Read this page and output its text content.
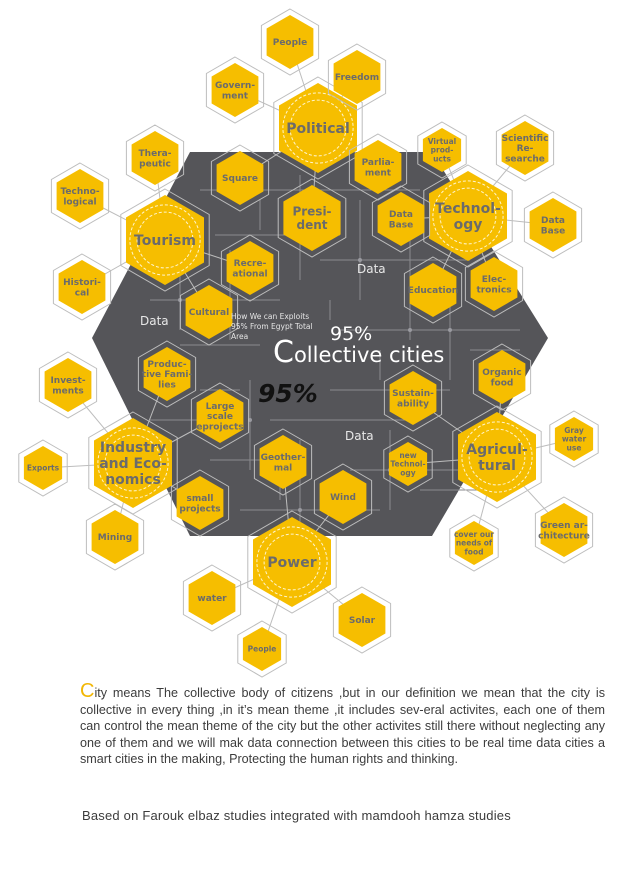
Data
Data
Data
Political
People
Freedom
Govern-
ment
Parlia-
ment
Square
Presi-
dent
Technol-
ogy
Virtual
prod-
ucts
Scientific
Re-
searche
Data
Base
Data
Base
Education
Elec-
tronics
Tourism
Thera-
peutic
Techno-
logical
Histori-
cal
Cultural
Recre-
ational
Industry
and Eco-
nomics
Invest-
ments
Produc-
tive Fami-
lies
Large
scale
eprojects
Exports
Mining
small
projects
Power
Geother-
mal
Wind
water
Solar
People
Agricul-
tural
Sustain-
ability
Organic
food
Gray
water
use
new
Technol-
ogy
Green ar-
chitecture
cover our
needs of
food
How We can Exploits
95% From Egypt Total
Area	95%
Collective cities
95%
City means The collective body of citizens ,but in our definition we mean that the city is collective in every thing ,in it’s mean theme ,it includes sev-eral activites, each one of them can control the mean theme of the city but the other activites still there without neglecting any one of them and we will mak data connection between this cities to be real time data cities a smart cities in the making, Protecting the human rights and thinking.
Based on Farouk elbaz studies integrated with mamdooh hamza studies
